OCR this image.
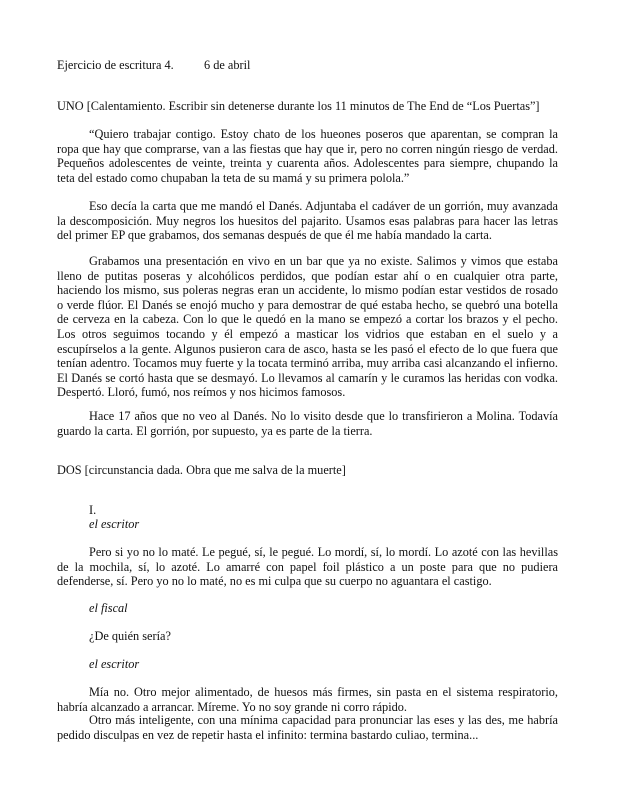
Ejercicio de escritura 4. 6 de abril

UNO [Calentamiento. Escribir sin detenerse durante los 11 minutos de The End de “Los Puertas”]

“Quiero trabajar contigo. Estoy chato de los hueones poseros que aparentan, se compran la ropa que hay que comprarse, van a las fiestas que hay que ir, pero no corren ningún riesgo de verdad. Pequeños adolescentes de veinte, treinta y cuarenta años. Adolescentes para siempre, chupando la teta del estado como chupaban la teta de su mamá y su primera polola.”

Eso decía la carta que me mandó el Danés. Adjuntaba el cadáver de un gorrión, muy avanzada la descomposición. Muy negros los huesitos del pajarito. Usamos esas palabras para hacer las letras del primer EP que grabamos, dos semanas después de que él me había mandado la carta.

Grabamos una presentación en vivo en un bar que ya no existe. Salimos y vimos que estaba lleno de putitas poseras y alcohólicos perdidos, que podían estar ahí o en cualquier otra parte, haciendo los mismo, sus poleras negras eran un accidente, lo mismo podían estar vestidos de rosado o verde flúor. El Danés se enojó mucho y para demostrar de qué estaba hecho, se quebró una botella de cerveza en la cabeza. Con lo que le quedó en la mano se empezó a cortar los brazos y el pecho. Los otros seguimos tocando y él empezó a masticar los vidrios que estaban en el suelo y a escupírselos a la gente. Algunos pusieron cara de asco, hasta se les pasó el efecto de lo que fuera que tenían adentro. Tocamos muy fuerte y la tocata terminó arriba, muy arriba casi alcanzando el infierno. El Danés se cortó hasta que se desmayó. Lo llevamos al camarín y le curamos las heridas con vodka. Despertó. Lloró, fumó, nos reímos y nos hicimos famosos.

Hace 17 años que no veo al Danés. No lo visito desde que lo transfirieron a Molina. Todavía guardo la carta. El gorrión, por supuesto, ya es parte de la tierra.

DOS [circunstancia dada. Obra que me salva de la muerte]

I.

el escritor

Pero si yo no lo maté. Le pegué, sí, le pegué. Lo mordí, sí, lo mordí. Lo azoté con las hevillas de la mochila, sí, lo azoté. Lo amarré con papel foil plástico a un poste para que no pudiera defenderse, sí. Pero yo no lo maté, no es mi culpa que su cuerpo no aguantara el castigo.

el fiscal

¿De quién sería?

el escritor

Mía no. Otro mejor alimentado, de huesos más firmes, sin pasta en el sistema respiratorio, habría alcanzado a arrancar. Míreme. Yo no soy grande ni corro rápido.

Otro más inteligente, con una mínima capacidad para pronunciar las eses y las des, me habría pedido disculpas en vez de repetir hasta el infinito: termina bastardo culiao, termina...
